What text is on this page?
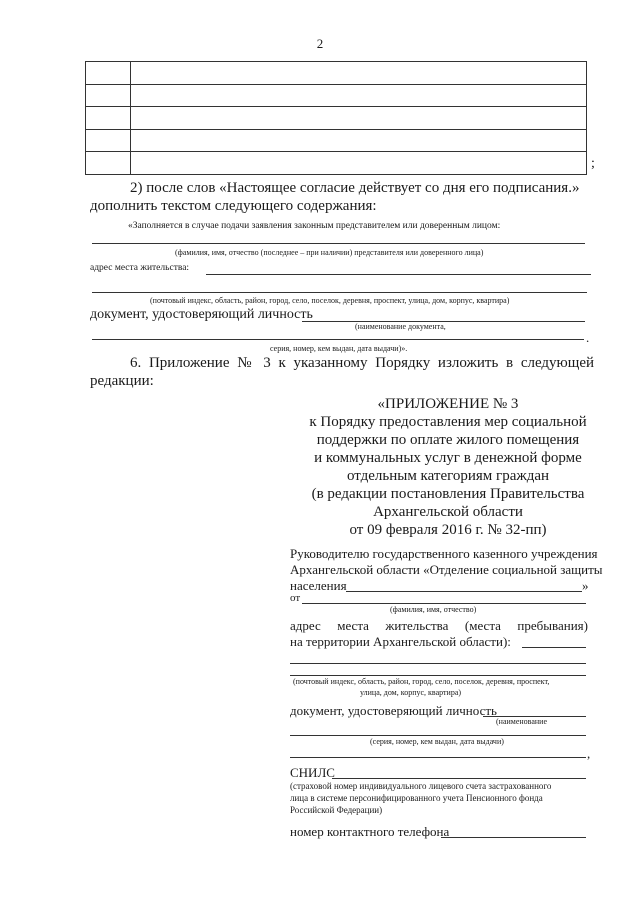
2

;
2) после слов «Настоящее согласие действует со дня его подписания.»
дополнить текстом следующего содержания:
«Заполняется в случае подачи заявления законным представителем или доверенным лицом:
(фамилия, имя, отчество (последнее – при наличии) представителя или доверенного лица)
адрес места жительства:
(почтовый индекс, область, район, город, село, поселок, деревня, проспект, улица, дом, корпус, квартира)
документ, удостоверяющий личность
(наименование документа,
.
серия, номер, кем выдан, дата выдачи)».
6. Приложение № 3 к указанному Порядку изложить в следующей
редакции:
«ПРИЛОЖЕНИЕ № 3
к Порядку предоставления мер социальной
поддержки по оплате жилого помещения
и коммунальных услуг в денежной форме
отдельным категориям граждан
(в редакции постановления Правительства
Архангельской области
от 09 февраля 2016 г. № 32-пп)
Руководителю государственного казенного учреждения
Архангельской области «Отделение социальной защиты
населения	»
от
(фамилия, имя, отчество)
адрес места жительства (места пребывания)
на территории Архангельской области):
(почтовый индекс, область, район, город, село, поселок, деревня, проспект,
улица, дом, корпус, квартира)
документ, удостоверяющий личность
(наименование
(серия, номер, кем выдан, дата выдачи)
,
СНИЛС
(страховой номер индивидуального лицевого счета застрахованного
лица в системе персонифицированного учета Пенсионного фонда
Российской Федерации)
номер контактного телефона
